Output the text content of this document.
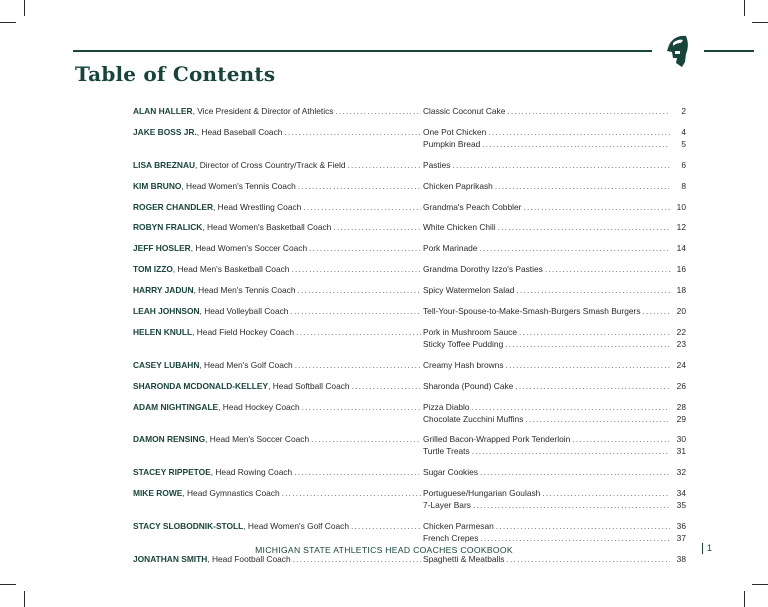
Table of Contents
ALAN HALLER , Vice President & Director of Athletics .....	Classic Coconut Cake .....	2
JAKE BOSS JR. , Head Baseball Coach .....	One Pot Chicken .....	4
Pumpkin Bread .....	5
LISA BREZNAU , Director of Cross Country/Track & Field .....	Pasties .....	6
KIM BRUNO , Head Women's Tennis Coach .....	Chicken Paprikash .....	8
ROGER CHANDLER , Head Wrestling Coach .....	Grandma's Peach Cobbler .....	10
ROBYN FRALICK , Head Women's Basketball Coach .....	White Chicken Chili .....	12
JEFF HOSLER , Head Women's Soccer Coach .....	Pork Marinade .....	14
TOM IZZO , Head Men's Basketball Coach .....	Grandma Dorothy Izzo's Pasties .....	16
HARRY JADUN , Head Men's Tennis Coach .....	Spicy Watermelon Salad .....	18
LEAH JOHNSON , Head Volleyball Coach .....	Tell-Your-Spouse-to-Make-Smash-Burgers Smash Burgers .....	20
HELEN KNULL , Head Field Hockey Coach .....	Pork in Mushroom Sauce .....	22
Sticky Toffee Pudding .....	23
CASEY LUBAHN , Head Men's Golf Coach .....	Creamy Hash browns .....	24
SHARONDA MCDONALD-KELLEY , Head Softball Coach .....	Sharonda (Pound) Cake .....	26
ADAM NIGHTINGALE , Head Hockey Coach .....	Pizza Diablo .....	28
Chocolate Zucchini Muffins .....	29
DAMON RENSING , Head Men's Soccer Coach .....	Grilled Bacon-Wrapped Pork Tenderloin .....	30
Turtle Treats .....	31
STACEY RIPPETOE , Head Rowing Coach .....	Sugar Cookies .....	32
MIKE ROWE , Head Gymnastics Coach .....	Portuguese/Hungarian Goulash .....	34
7-Layer Bars .....	35
STACY SLOBODNIK-STOLL , Head Women's Golf Coach .....	Chicken Parmesan .....	36
French Crepes .....	37
JONATHAN SMITH , Head Football Coach .....	Spaghetti & Meatballs .....	38
MICHIGAN STATE ATHLETICS HEAD COACHES COOKBOOK	1
